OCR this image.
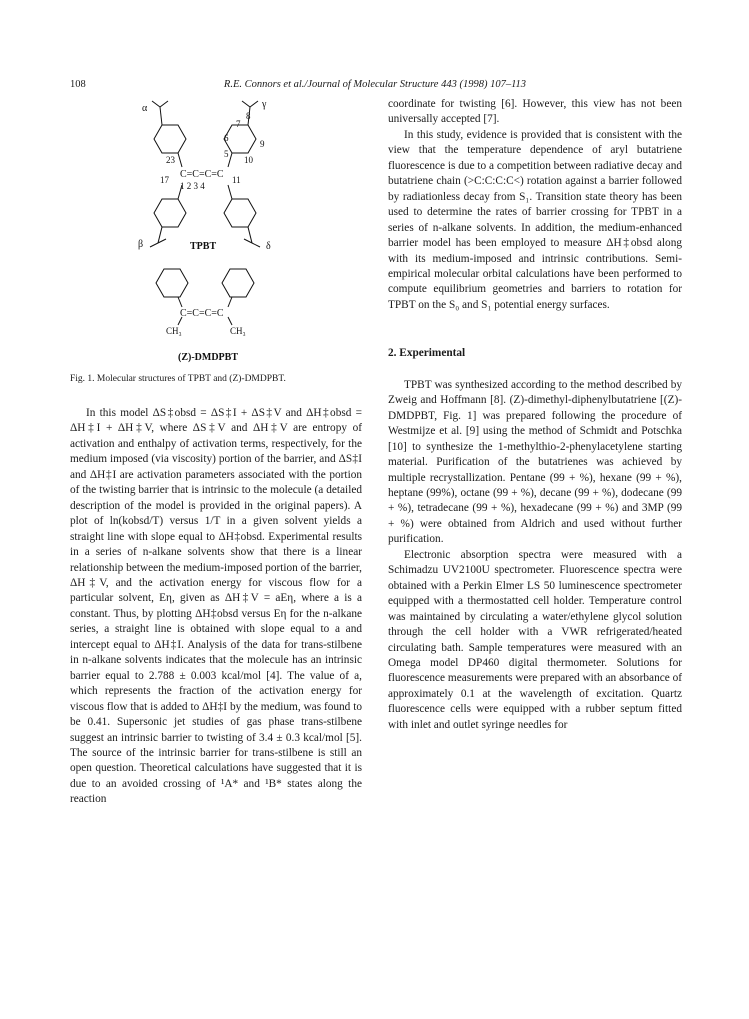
108	R.E. Connors et al./Journal of Molecular Structure 443 (1998) 107–113
α	γ
β	δ
7
8
6
9
23
5
10
C=C=C=C
17
1 2 3 4
11
TPBT
C=C=C=C
CH₃	CH₃
(Z)-DMDPBT
Fig. 1. Molecular structures of TPBT and (Z)-DMDPBT.

In this model ΔS‡obsd = ΔS‡I + ΔS‡V and ΔH‡obsd = ΔH‡I + ΔH‡V, where ΔS‡V and ΔH‡V are entropy of activation and enthalpy of activation terms, respectively, for the medium imposed (via viscosity) portion of the barrier, and ΔS‡I and ΔH‡I are activation parameters associated with the portion of the twisting barrier that is intrinsic to the molecule (a detailed description of the model is provided in the original papers). A plot of ln(kobsd/T) versus 1/T in a given solvent yields a straight line with slope equal to ΔH‡obsd. Experimental results in a series of n-alkane solvents show that there is a linear relationship between the medium-imposed portion of the barrier, ΔH‡V, and the activation energy for viscous flow for a particular solvent, Eη, given as ΔH‡V = aEη, where a is a constant. Thus, by plotting ΔH‡obsd versus Eη for the n-alkane series, a straight line is obtained with slope equal to a and intercept equal to ΔH‡I. Analysis of the data for trans-stilbene in n-alkane solvents indicates that the molecule has an intrinsic barrier equal to 2.788 ± 0.003 kcal/mol [4]. The value of a, which represents the fraction of the activation energy for viscous flow that is added to ΔH‡I by the medium, was found to be 0.41. Supersonic jet studies of gas phase trans-stilbene suggest an intrinsic barrier to twisting of 3.4 ± 0.3 kcal/mol [5]. The source of the intrinsic barrier for trans-stilbene is still an open question. Theoretical calculations have suggested that it is due to an avoided crossing of ¹A* and ¹B* states along the reaction

coordinate for twisting [6]. However, this view has not been universally accepted [7].

In this study, evidence is provided that is consistent with the view that the temperature dependence of aryl butatriene fluorescence is due to a competition between radiative decay and butatriene chain (>C:C:C:C<) rotation against a barrier followed by radiationless decay from S₁. Transition state theory has been used to determine the rates of barrier crossing for TPBT in a series of n-alkane solvents. In addition, the medium-enhanced barrier model has been employed to measure ΔH‡obsd along with its medium-imposed and intrinsic contributions. Semi-empirical molecular orbital calculations have been performed to compute equilibrium geometries and barriers to rotation for TPBT on the S₀ and S₁ potential energy surfaces.

2. Experimental

TPBT was synthesized according to the method described by Zweig and Hoffmann [8]. (Z)-dimethyl-diphenylbutatriene [(Z)-DMDPBT, Fig. 1] was prepared following the procedure of Westmijze et al. [9] using the method of Schmidt and Potschka [10] to synthesize the 1-methylthio-2-phenylacetylene starting material. Purification of the butatrienes was achieved by multiple recrystallization. Pentane (99 + %), hexane (99 + %), heptane (99%), octane (99 + %), decane (99 + %), dodecane (99 + %), tetradecane (99 + %), hexadecane (99 + %) and 3MP (99 + %) were obtained from Aldrich and used without further purification.

Electronic absorption spectra were measured with a Schimadzu UV2100U spectrometer. Fluorescence spectra were obtained with a Perkin Elmer LS 50 luminescence spectrometer equipped with a thermostatted cell holder. Temperature control was maintained by circulating a water/ethylene glycol solution through the cell holder with a VWR refrigerated/heated circulating bath. Sample temperatures were measured with an Omega model DP460 digital thermometer. Solutions for fluorescence measurements were prepared with an absorbance of approximately 0.1 at the wavelength of excitation. Quartz fluorescence cells were equipped with a rubber septum fitted with inlet and outlet syringe needles for
